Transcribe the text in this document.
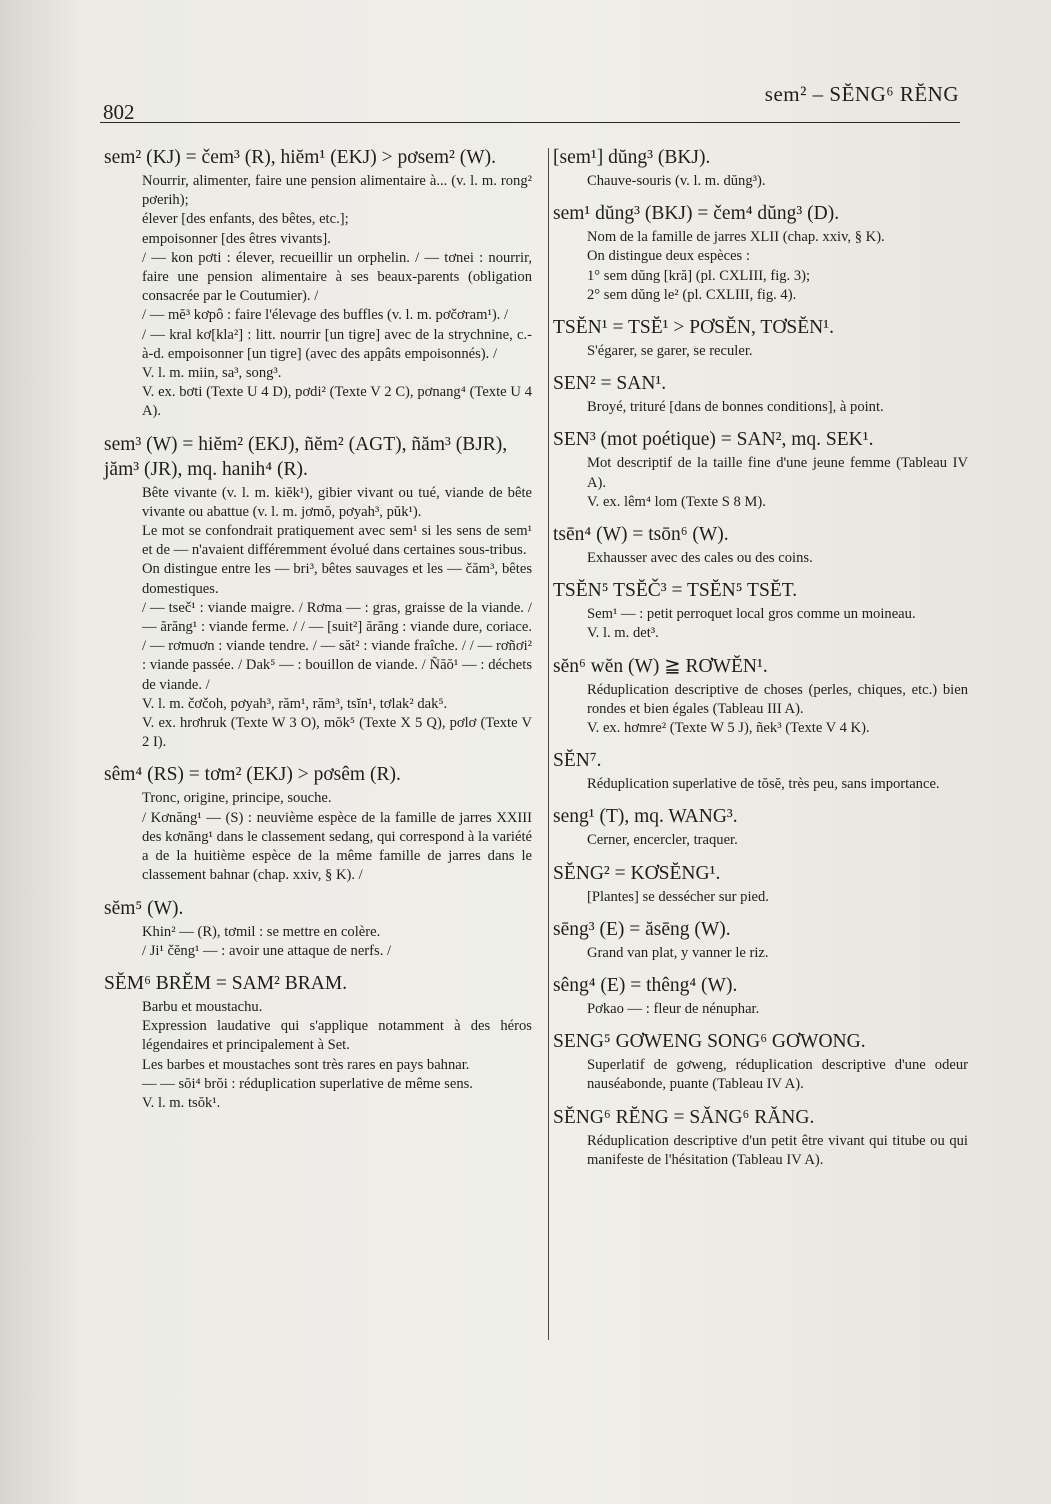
802
sem² – SĔNG⁶ RĔNG
sem² (KJ) = čem³ (R), hiĕm¹ (EKJ) > pơsem² (W).

Nourrir, alimenter, faire une pension alimentaire à... (v. l. m. rong² pơerih);

élever [des enfants, des bêtes, etc.];

empoisonner [des êtres vivants].

/ — kon pơti : élever, recueillir un orphelin. / — tơnei : nourrir, faire une pension alimentaire à ses beaux-parents (obligation consacrée par le Coutumier). /

/ — mĕ³ kơpô : faire l'élevage des buffles (v. l. m. pơčơram¹). /

/ — kral kơ[kla²] : litt. nourrir [un tigre] avec de la strychnine, c.-à-d. empoisonner [un tigre] (avec des appâts empoisonnés). /

V. l. m. miin, sa³, song³.

V. ex. bơti (Texte U 4 D), pơdi² (Texte V 2 C), pơnang⁴ (Texte U 4 A).

sem³ (W) = hiĕm² (EKJ), ñĕm² (AGT), ñăm³ (BJR), jăm³ (JR), mq. hanih⁴ (R).

Bête vivante (v. l. m. kiĕk¹), gibier vivant ou tué, viande de bête vivante ou abattue (v. l. m. jơmŏ, pơyah³, pŭk¹).

Le mot se confondrait pratiquement avec sem¹ si les sens de sem¹ et de — n'avaient différemment évolué dans certaines sous-tribus.

On distingue entre les — bri³, bêtes sauvages et les — čăm³, bêtes domestiques.

/ — tseč¹ : viande maigre. / Rơma — : gras, graisse de la viande. / — ărăng¹ : viande ferme. / / — [suit²] ărăng : viande dure, coriace. / — rơmuơn : viande tendre. / — săt² : viande fraîche. / / — rơñơi² : viande passée. / Dak⁵ — : bouillon de viande. / Ñăŏ¹ — : déchets de viande. /

V. l. m. čơčoh, pơyah³, răm¹, răm³, tsĭn¹, tơlak² dak⁵.

V. ex. hrơhruk (Texte W 3 O), mŏk⁵ (Texte X 5 Q), pơlơ (Texte V 2 I).

sêm⁴ (RS) = tơm² (EKJ) > pơsêm (R).

Tronc, origine, principe, souche.

/ Kơnăng¹ — (S) : neuvième espèce de la famille de jarres XXIII des kơnăng¹ dans le classement sedang, qui correspond à la variété a de la huitième espèce de la même famille de jarres dans le classement bahnar (chap. xxiv, § K). /

sĕm⁵ (W).

Khin² — (R), tơmil : se mettre en colère.

/ Ji¹ čĕng¹ — : avoir une attaque de nerfs. /

SĔM⁶ BRĔM = SAM² BRAM.

Barbu et moustachu.

Expression laudative qui s'applique notamment à des héros légendaires et principalement à Set.

Les barbes et moustaches sont très rares en pays bahnar.

— — sŏi⁴ brŏi : réduplication superlative de même sens.

V. l. m. tsŏk¹.

[sem¹] dŭng³ (BKJ).

Chauve-souris (v. l. m. dŭng³).

sem¹ dŭng³ (BKJ) = čem⁴ dŭng³ (D).

Nom de la famille de jarres XLII (chap. xxiv, § K).

On distingue deux espèces :

1° sem dŭng [kră] (pl. CXLIII, fig. 3);

2° sem dŭng le² (pl. CXLIII, fig. 4).

TSĔN¹ = TSĔ¹ > PƠSĔN, TƠSĔN¹.

S'égarer, se garer, se reculer.

SEN² = SAN¹.

Broyé, trituré [dans de bonnes conditions], à point.

SEN³ (mot poétique) = SAN², mq. SEK¹.

Mot descriptif de la taille fine d'une jeune femme (Tableau IV A).

V. ex. lêm⁴ lom (Texte S 8 M).

tsēn⁴ (W) = tsōn⁶ (W).

Exhausser avec des cales ou des coins.

TSĔN⁵ TSĔČ³ = TSĔN⁵ TSĔT.

Sem¹ — : petit perroquet local gros comme un moineau.

V. l. m. det³.

sĕn⁶ wĕn (W) ≧ RƠWĔN¹.

Réduplication descriptive de choses (perles, chiques, etc.) bien rondes et bien égales (Tableau III A).

V. ex. hơmre² (Texte W 5 J), ñek³ (Texte V 4 K).

SĔN⁷.

Réduplication superlative de tŏsĕ, très peu, sans importance.

seng¹ (T), mq. WANG³.

Cerner, encercler, traquer.

SĔNG² = KƠSĔNG¹.

[Plantes] se dessécher sur pied.

sēng³ (E) = ăsēng (W).

Grand van plat, y vanner le riz.

sêng⁴ (E) = thêng⁴ (W).

Pơkao — : fleur de nénuphar.

SENG⁵ GƠWENG SONG⁶ GƠWONG.

Superlatif de gơweng, réduplication descriptive d'une odeur nauséabonde, puante (Tableau IV A).

SĔNG⁶ RĔNG = SĂNG⁶ RĂNG.

Réduplication descriptive d'un petit être vivant qui titube ou qui manifeste de l'hésitation (Tableau IV A).
